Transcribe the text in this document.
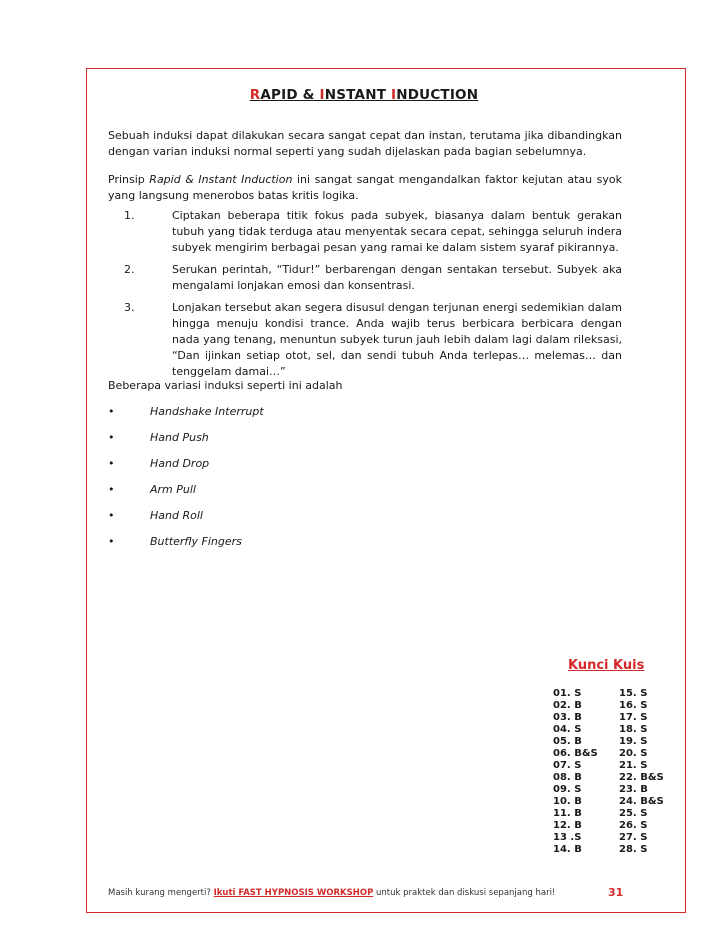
RAPID & INSTANT INDUCTION
Sebuah induksi dapat dilakukan secara sangat cepat dan instan, terutama jika dibandingkan dengan varian induksi normal seperti yang sudah dijelaskan pada bagian sebelumnya.
Prinsip Rapid & Instant Induction ini sangat sangat mengandalkan faktor kejutan atau syok yang langsung menerobos batas kritis logika.
1.	Ciptakan beberapa titik fokus pada subyek, biasanya dalam bentuk gerakan tubuh yang tidak terduga atau menyentak secara cepat, sehingga seluruh indera subyek mengirim berbagai pesan yang ramai ke dalam sistem syaraf pikirannya.
2.	Serukan perintah, “Tidur!” berbarengan dengan sentakan tersebut. Subyek aka mengalami lonjakan emosi dan konsentrasi.
3.	Lonjakan tersebut akan segera disusul dengan terjunan energi sedemikian dalam hingga menuju kondisi trance. Anda wajib terus berbicara berbicara dengan nada yang tenang, menuntun subyek turun jauh lebih dalam lagi dalam rileksasi, “Dan ijinkan setiap otot, sel, dan sendi tubuh Anda terlepas… melemas… dan tenggelam damai…”
Beberapa variasi induksi seperti ini adalah
•	Handshake Interrupt
•	Hand Push
•	Hand Drop
•	Arm Pull
•	Hand Roll
•	Butterfly Fingers
Kunci Kuis
01. S
02. B
03. B
04. S
05. B
06. B&S
07. S
08. B
09. S
10. B
11. B
12. B
13 .S
14. B
15. S
16. S
17. S
18. S
19. S
20. S
21. S
22. B&S
23. B
24. B&S
25. S
26. S
27. S
28. S
Masih kurang mengerti? Ikuti FAST HYPNOSIS WORKSHOP untuk praktek dan diskusi sepanjang hari!	31
